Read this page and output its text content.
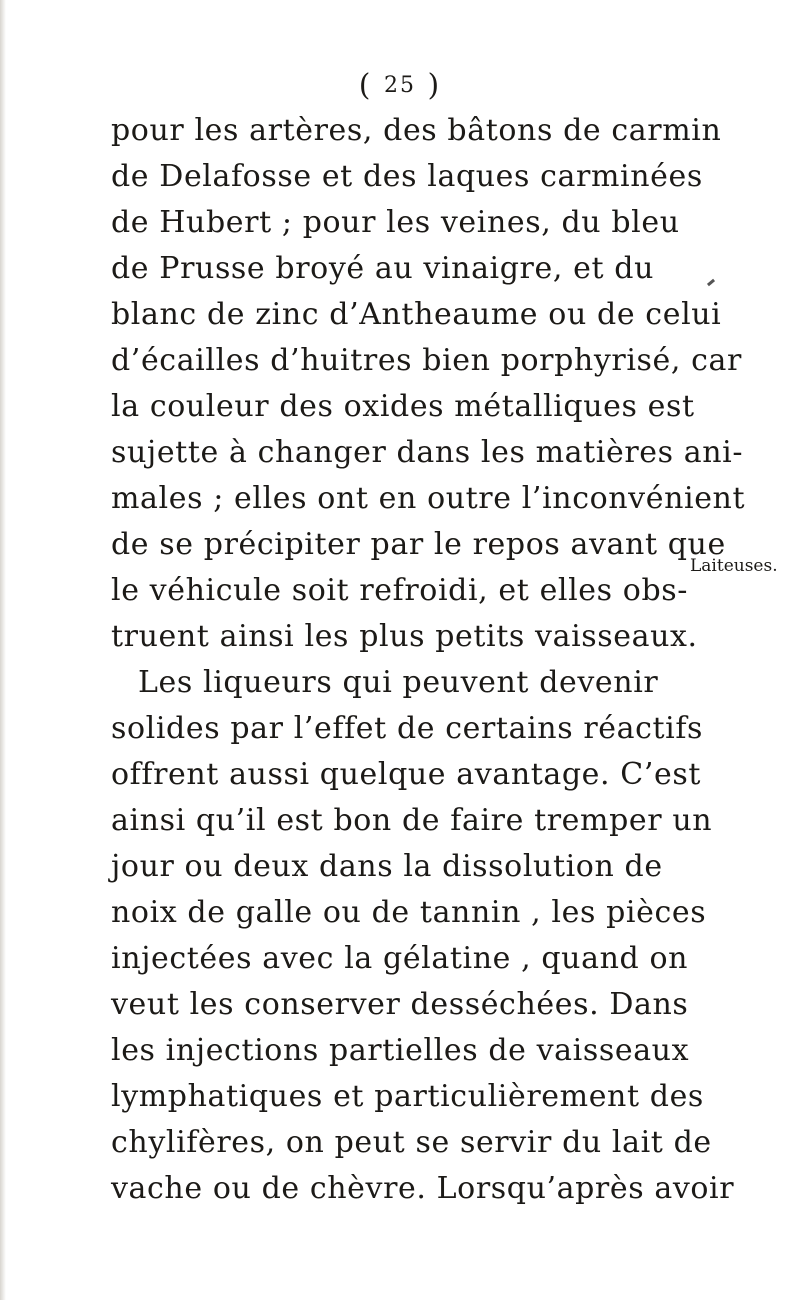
( 25 )
pour les artères, des bâtons de carmin
de Delafosse et des laques carminées
de Hubert ; pour les veines, du bleu
de Prusse broyé au vinaigre, et du
blanc de zinc d’Antheaume ou de celui
d’écailles d’huitres bien porphyrisé, car
la couleur des oxides métalliques est
sujette à changer dans les matières ani-
males ; elles ont en outre l’inconvénient
de se précipiter par le repos avant que
le véhicule soit refroidi, et elles obs-
truent ainsi les plus petits vaisseaux.
Les liqueurs qui peuvent devenir
solides par l’effet de certains réactifs
offrent aussi quelque avantage. C’est
ainsi qu’il est bon de faire tremper un
jour ou deux dans la dissolution de
noix de galle ou de tannin , les pièces
injectées avec la gélatine , quand on
veut les conserver desséchées. Dans
les injections partielles de vaisseaux
lymphatiques et particulièrement des
chylifères, on peut se servir du lait de
vache ou de chèvre. Lorsqu’après avoir
Laiteuses.
